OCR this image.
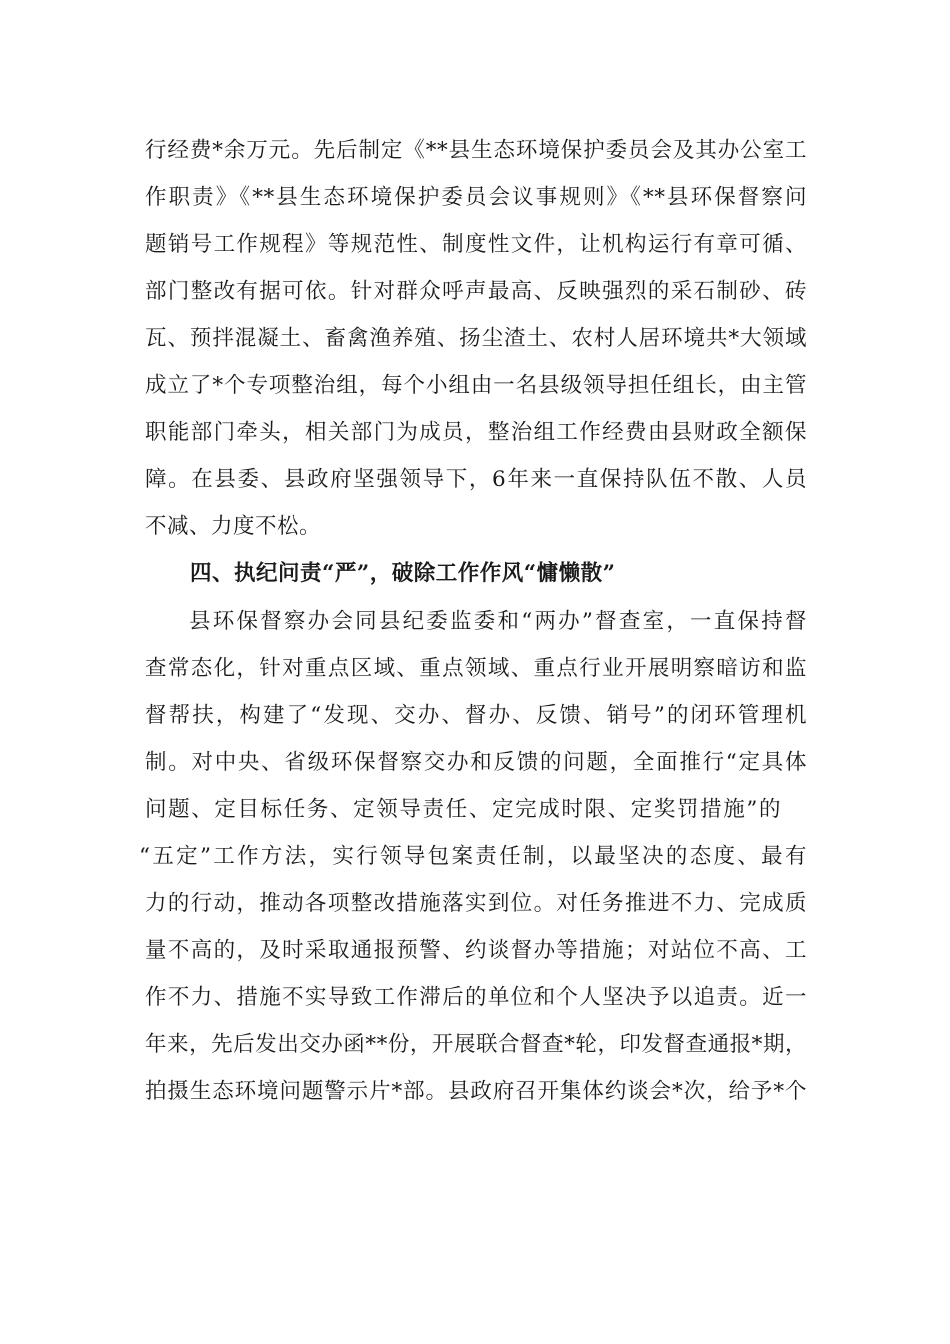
行经费*余万元。先后制定《**县生态环境保护委员会及其办公室工
作职责》《**县生态环境保护委员会议事规则》《**县环保督察问
题销号工作规程》等规范性、制度性文件，让机构运行有章可循、
部门整改有据可依。针对群众呼声最高、反映强烈的采石制砂、砖
瓦、预拌混凝土、畜禽渔养殖、扬尘渣土、农村人居环境共*大领域
成立了*个专项整治组，每个小组由一名县级领导担任组长，由主管
职能部门牵头，相关部门为成员，整治组工作经费由县财政全额保
障。在县委、县政府坚强领导下，6年来一直保持队伍不散、人员
不减、力度不松。
四、执纪问责“严”，破除工作作风“慵懒散”
县环保督察办会同县纪委监委和“两办”督查室，一直保持督
查常态化，针对重点区域、重点领域、重点行业开展明察暗访和监
督帮扶，构建了“发现、交办、督办、反馈、销号”的闭环管理机
制。对中央、省级环保督察交办和反馈的问题，全面推行“定具体
问题、定目标任务、定领导责任、定完成时限、定奖罚措施”的
“五定”工作方法，实行领导包案责任制，以最坚决的态度、最有
力的行动，推动各项整改措施落实到位。对任务推进不力、完成质
量不高的，及时采取通报预警、约谈督办等措施；对站位不高、工
作不力、措施不实导致工作滞后的单位和个人坚决予以追责。近一
年来，先后发出交办函**份，开展联合督查*轮，印发督查通报*期，
拍摄生态环境问题警示片*部。县政府召开集体约谈会*次，给予*个
